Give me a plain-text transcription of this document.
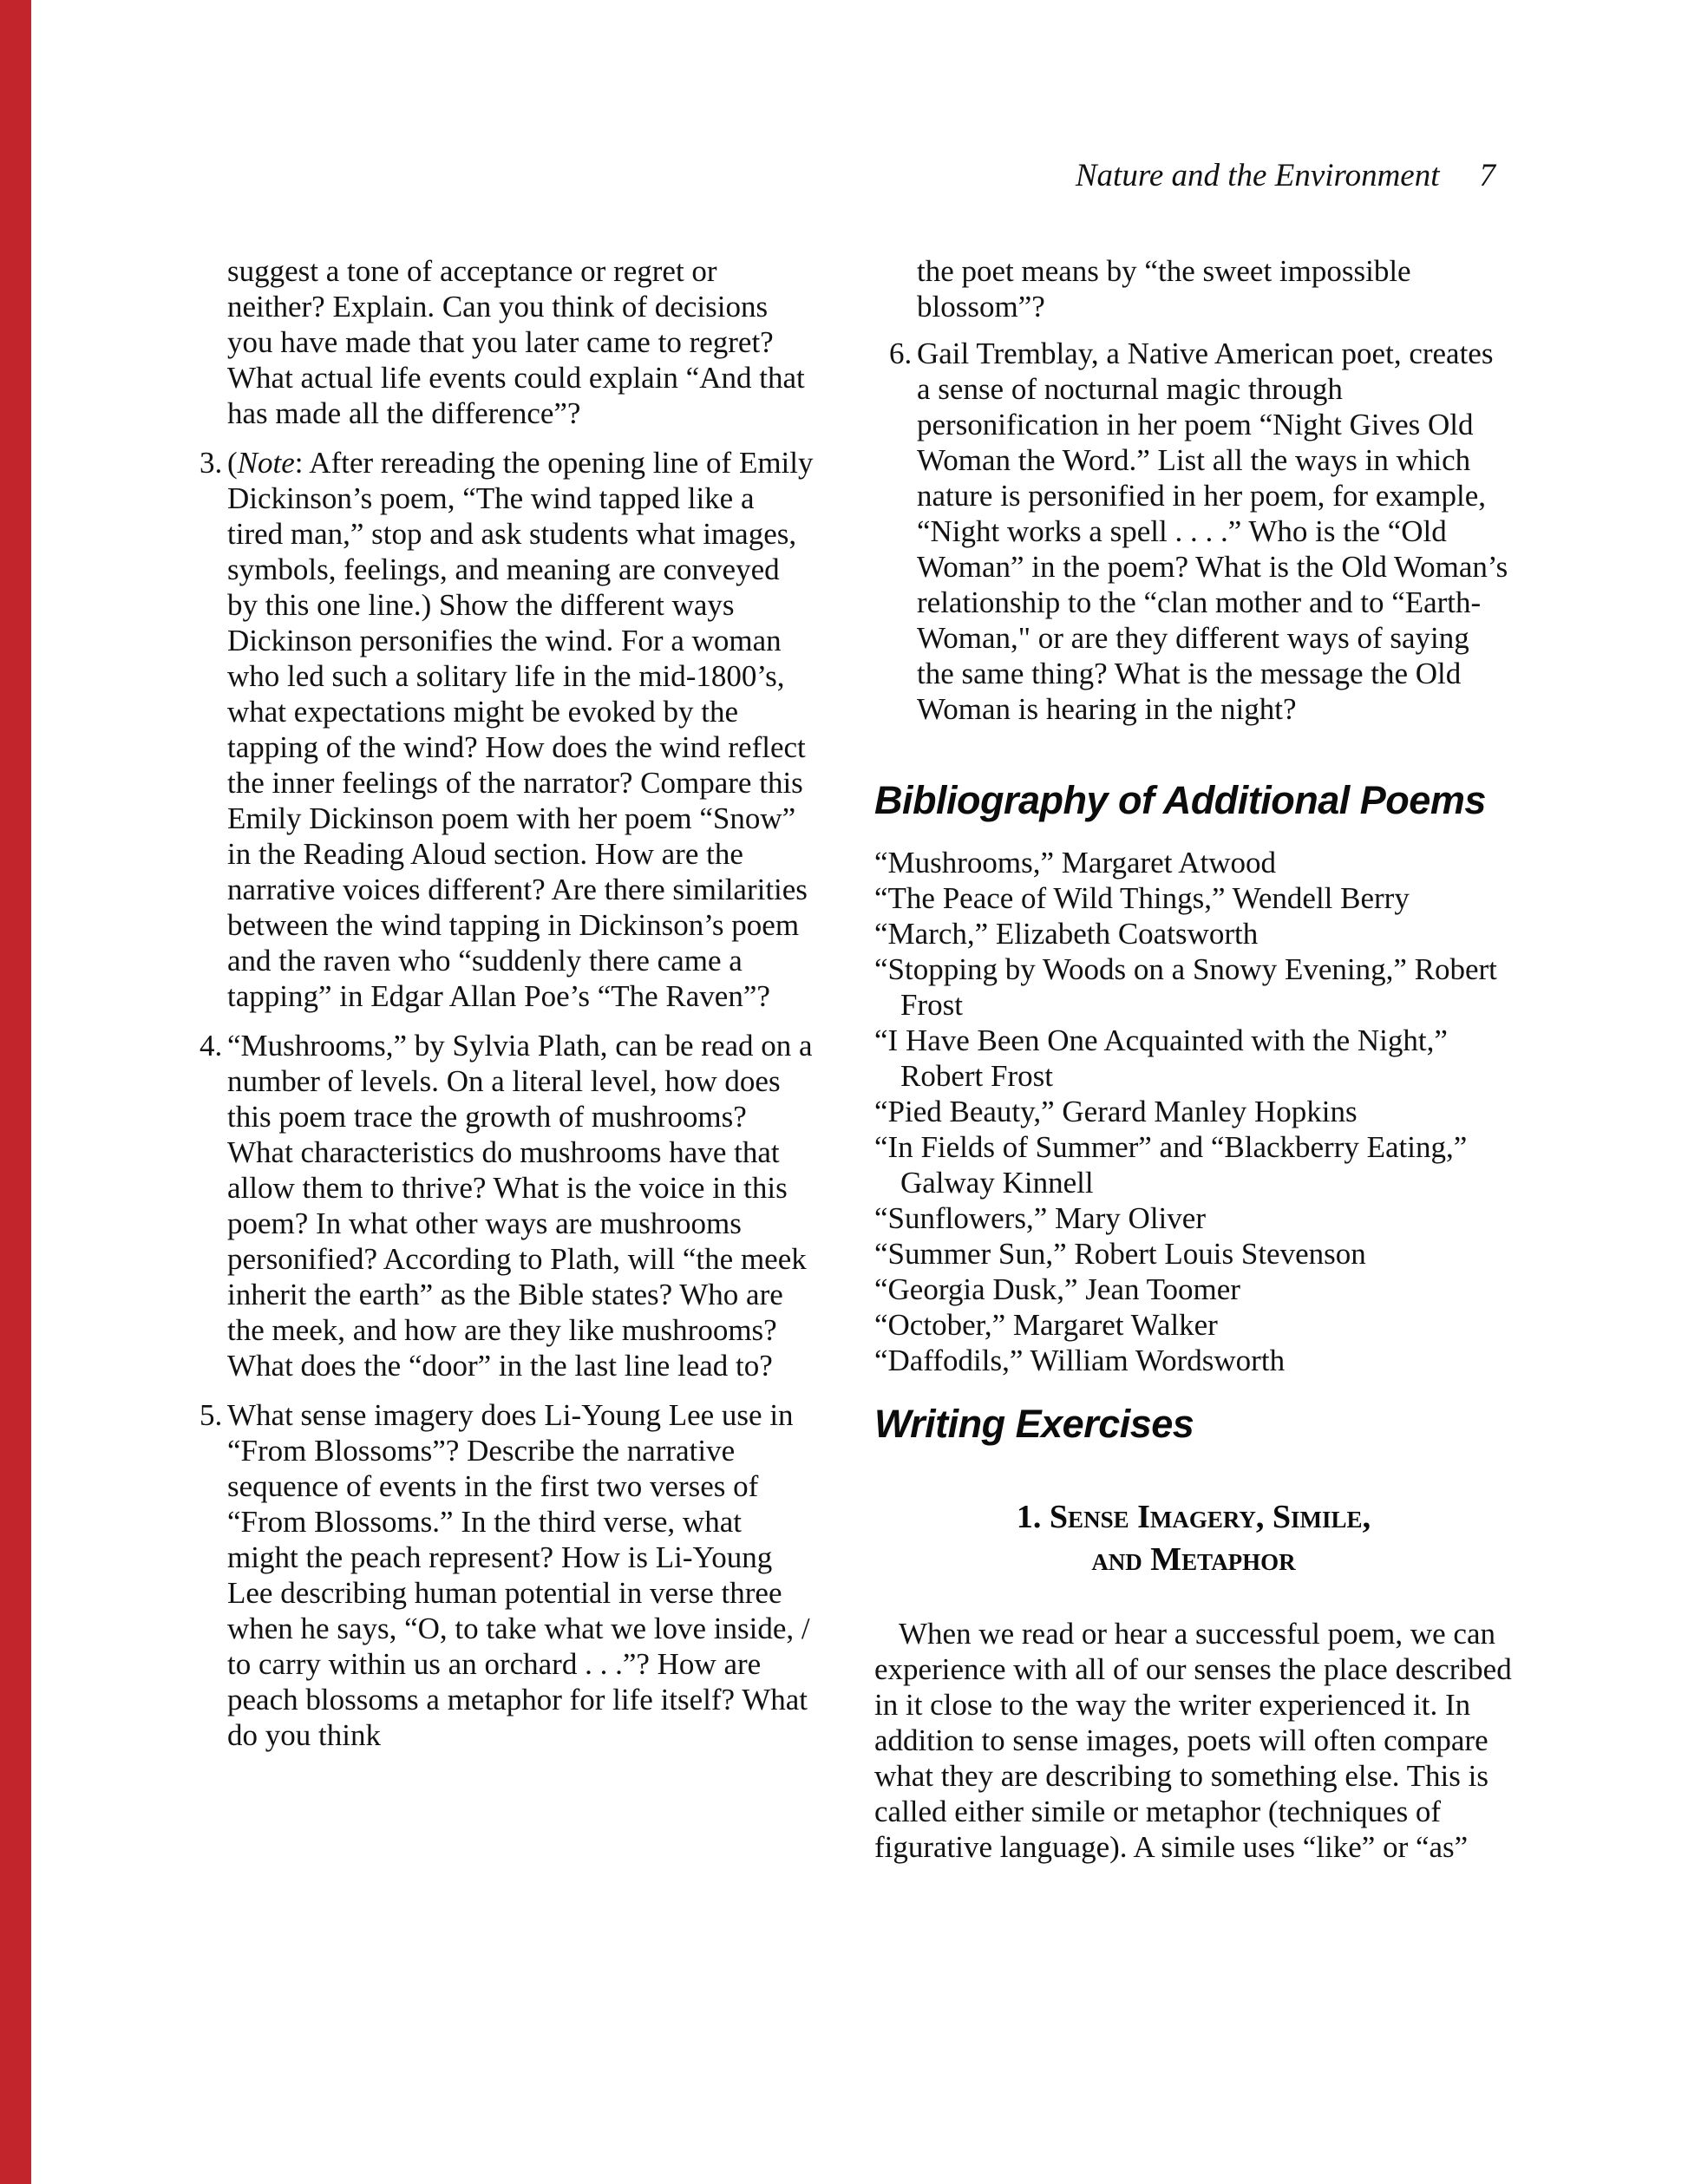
Nature and the Environment 7
suggest a tone of acceptance or regret or neither? Explain. Can you think of decisions you have made that you later came to regret? What actual life events could explain “And that has made all the difference”?
3. (Note: After rereading the opening line of Emily Dickinson’s poem, “The wind tapped like a tired man,” stop and ask students what images, symbols, feelings, and meaning are conveyed by this one line.) Show the different ways Dickinson personifies the wind. For a woman who led such a solitary life in the mid-1800’s, what expectations might be evoked by the tapping of the wind? How does the wind reflect the inner feelings of the narrator? Compare this Emily Dickinson poem with her poem “Snow” in the Reading Aloud section. How are the narrative voices different? Are there similarities between the wind tapping in Dickinson’s poem and the raven who “suddenly there came a tapping” in Edgar Allan Poe’s “The Raven”?
4. “Mushrooms,” by Sylvia Plath, can be read on a number of levels. On a literal level, how does this poem trace the growth of mushrooms? What characteristics do mushrooms have that allow them to thrive? What is the voice in this poem? In what other ways are mushrooms personified? According to Plath, will “the meek inherit the earth” as the Bible states? Who are the meek, and how are they like mushrooms? What does the “door” in the last line lead to?
5. What sense imagery does Li-Young Lee use in “From Blossoms”? Describe the narrative sequence of events in the first two verses of “From Blossoms.” In the third verse, what might the peach represent? How is Li-Young Lee describing human potential in verse three when he says, “O, to take what we love inside, / to carry within us an orchard . . .”? How are peach blossoms a metaphor for life itself? What do you think
the poet means by “the sweet impossible blossom”?
6. Gail Tremblay, a Native American poet, creates a sense of nocturnal magic through personification in her poem “Night Gives Old Woman the Word.” List all the ways in which nature is personified in her poem, for example, “Night works a spell . . . .” Who is the “Old Woman” in the poem? What is the Old Woman’s relationship to the “clan mother and to “Earth-Woman," or are they different ways of saying the same thing? What is the message the Old Woman is hearing in the night?
Bibliography of Additional Poems
“Mushrooms,” Margaret Atwood
“The Peace of Wild Things,” Wendell Berry
“March,” Elizabeth Coatsworth
“Stopping by Woods on a Snowy Evening,” Robert Frost
“I Have Been One Acquainted with the Night,” Robert Frost
“Pied Beauty,” Gerard Manley Hopkins
“In Fields of Summer” and “Blackberry Eating,” Galway Kinnell
“Sunflowers,” Mary Oliver
“Summer Sun,” Robert Louis Stevenson
“Georgia Dusk,” Jean Toomer
“October,” Margaret Walker
“Daffodils,” William Wordsworth
Writing Exercises
1. Sense Imagery, Simile,
and Metaphor
When we read or hear a successful poem, we can experience with all of our senses the place described in it close to the way the writer experienced it. In addition to sense images, poets will often compare what they are describing to something else. This is called either simile or metaphor (techniques of figurative language). A simile uses “like” or “as”
